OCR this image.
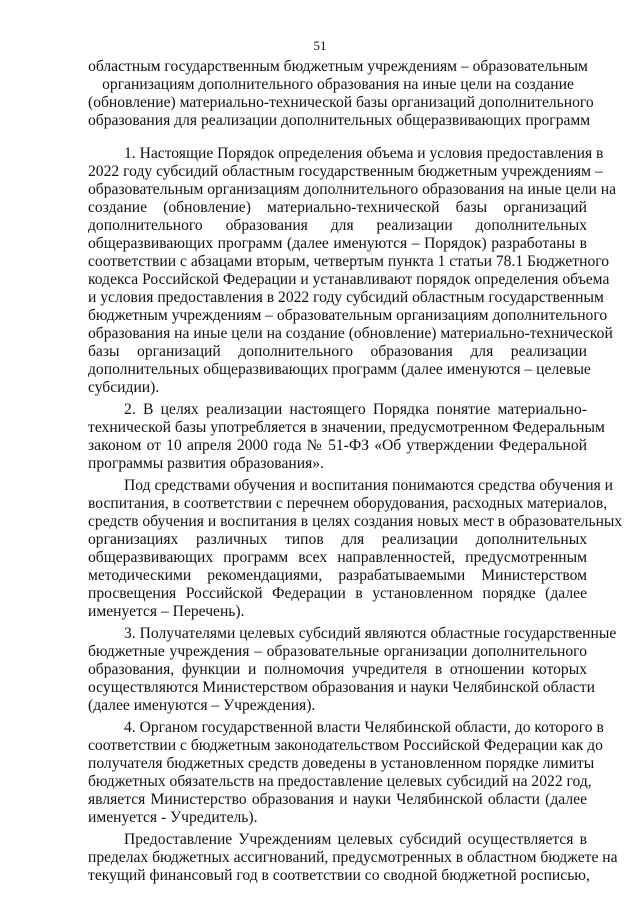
51
областным государственным бюджетным учреждениям – образовательным
организациям дополнительного образования на иные цели на создание
(обновление) материально-технической базы организаций дополнительного
образования для реализации дополнительных общеразвивающих программ
1. Настоящие Порядок определения объема и условия предоставления в
2022 году субсидий областным государственным бюджетным учреждениям –
образовательным организациям дополнительного образования на иные цели на
создание (обновление) материально-технической базы организаций
дополнительного образования для реализации дополнительных
общеразвивающих программ (далее именуются – Порядок) разработаны в
соответствии с абзацами вторым, четвертым пункта 1 статьи 78.1 Бюджетного
кодекса Российской Федерации и устанавливают порядок определения объема
и условия предоставления в 2022 году субсидий областным государственным
бюджетным учреждениям – образовательным организациям дополнительного
образования на иные цели на создание (обновление) материально-технической
базы организаций дополнительного образования для реализации
дополнительных общеразвивающих программ (далее именуются – целевые
субсидии).
2. В целях реализации настоящего Порядка понятие материально-
технической базы употребляется в значении, предусмотренном Федеральным
законом от 10 апреля 2000 года № 51-ФЗ «Об утверждении Федеральной
программы развития образования».
Под средствами обучения и воспитания понимаются средства обучения и
воспитания, в соответствии с перечнем оборудования, расходных материалов,
средств обучения и воспитания в целях создания новых мест в образовательных
организациях различных типов для реализации дополнительных
общеразвивающих программ всех направленностей, предусмотренным
методическими рекомендациями, разрабатываемыми Министерством
просвещения Российской Федерации в установленном порядке (далее
именуется – Перечень).
3. Получателями целевых субсидий являются областные государственные
бюджетные учреждения – образовательные организации дополнительного
образования, функции и полномочия учредителя в отношении которых
осуществляются Министерством образования и науки Челябинской области
(далее именуются – Учреждения).
4. Органом государственной власти Челябинской области, до которого в
соответствии с бюджетным законодательством Российской Федерации как до
получателя бюджетных средств доведены в установленном порядке лимиты
бюджетных обязательств на предоставление целевых субсидий на 2022 год,
является Министерство образования и науки Челябинской области (далее
именуется - Учредитель).
Предоставление Учреждениям целевых субсидий осуществляется в
пределах бюджетных ассигнований, предусмотренных в областном бюджете на
текущий финансовый год в соответствии со сводной бюджетной росписью,
